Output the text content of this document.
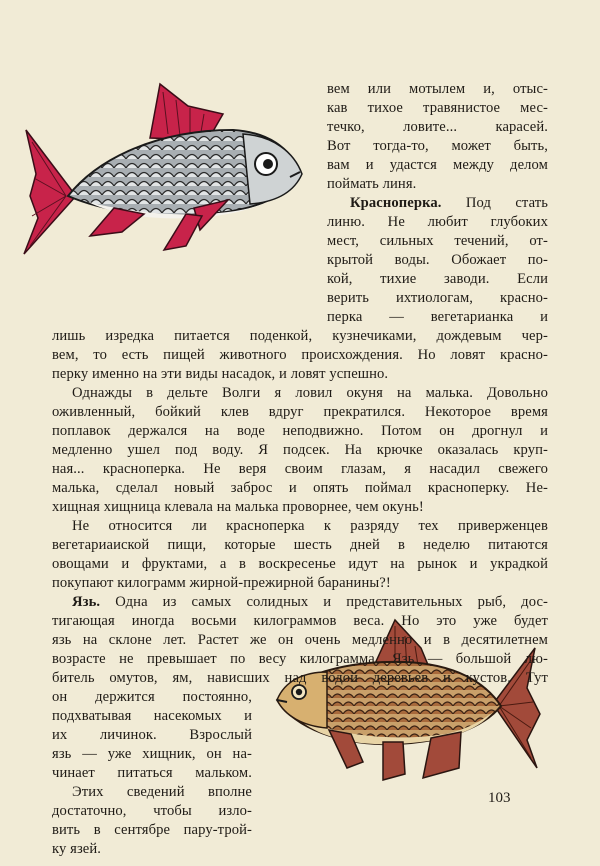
вем или мотылем и, отыс-
кав тихое травянистое мес-
течко, ловите... карасей.
Вот тогда-то, может быть,
вам и удастся между делом
поймать линя.
Красноперка. Под стать
линю. Не любит глубоких
мест, сильных течений, от-
крытой воды. Обожает по-
кой, тихие заводи. Если
верить ихтиологам, красно-
перка — вегетарианка и
лишь изредка питается поденкой, кузнечиками, дождевым чер-
вем, то есть пищей животного происхождения. Но ловят красно-
перку именно на эти виды насадок, и ловят успешно.
Однажды в дельте Волги я ловил окуня на малька. Довольно
оживленный, бойкий клев вдруг прекратился. Некоторое время
поплавок держался на воде неподвижно. Потом он дрогнул и
медленно ушел под воду. Я подсек. На крючке оказалась круп-
ная... красноперка. Не веря своим глазам, я насадил свежего
малька, сделал новый заброс и опять поймал красноперку. Не-
хищная хищница клевала на малька проворнее, чем окунь!
Не относится ли красноперка к разряду тех приверженцев
вегетариаиской пищи, которые шесть дней в неделю питаются
овощами и фруктами, а в воскресенье идут на рынок и украдкой
покупают килограмм жирной-прежирной баранины?!
Язь. Одна из самых солидных и представительных рыб, дос-
тигающая иногда восьми килограммов веса. Но это уже будет
язь на склоне лет. Растет же он очень медленно и в десятилетнем
возрасте не превышает по весу килограмма. Язь — большой лю-
битель омутов, ям, нависших над водой деревьев и кустов. Тут
он держится постоянно,
подхватывая насекомых и
их личинок. Взрослый
язь — уже хищник, он на-
чинает питаться мальком.
Этих сведений вполне
достаточно, чтобы изло-
вить в сентябре пару-трой-
ку язей.
103
